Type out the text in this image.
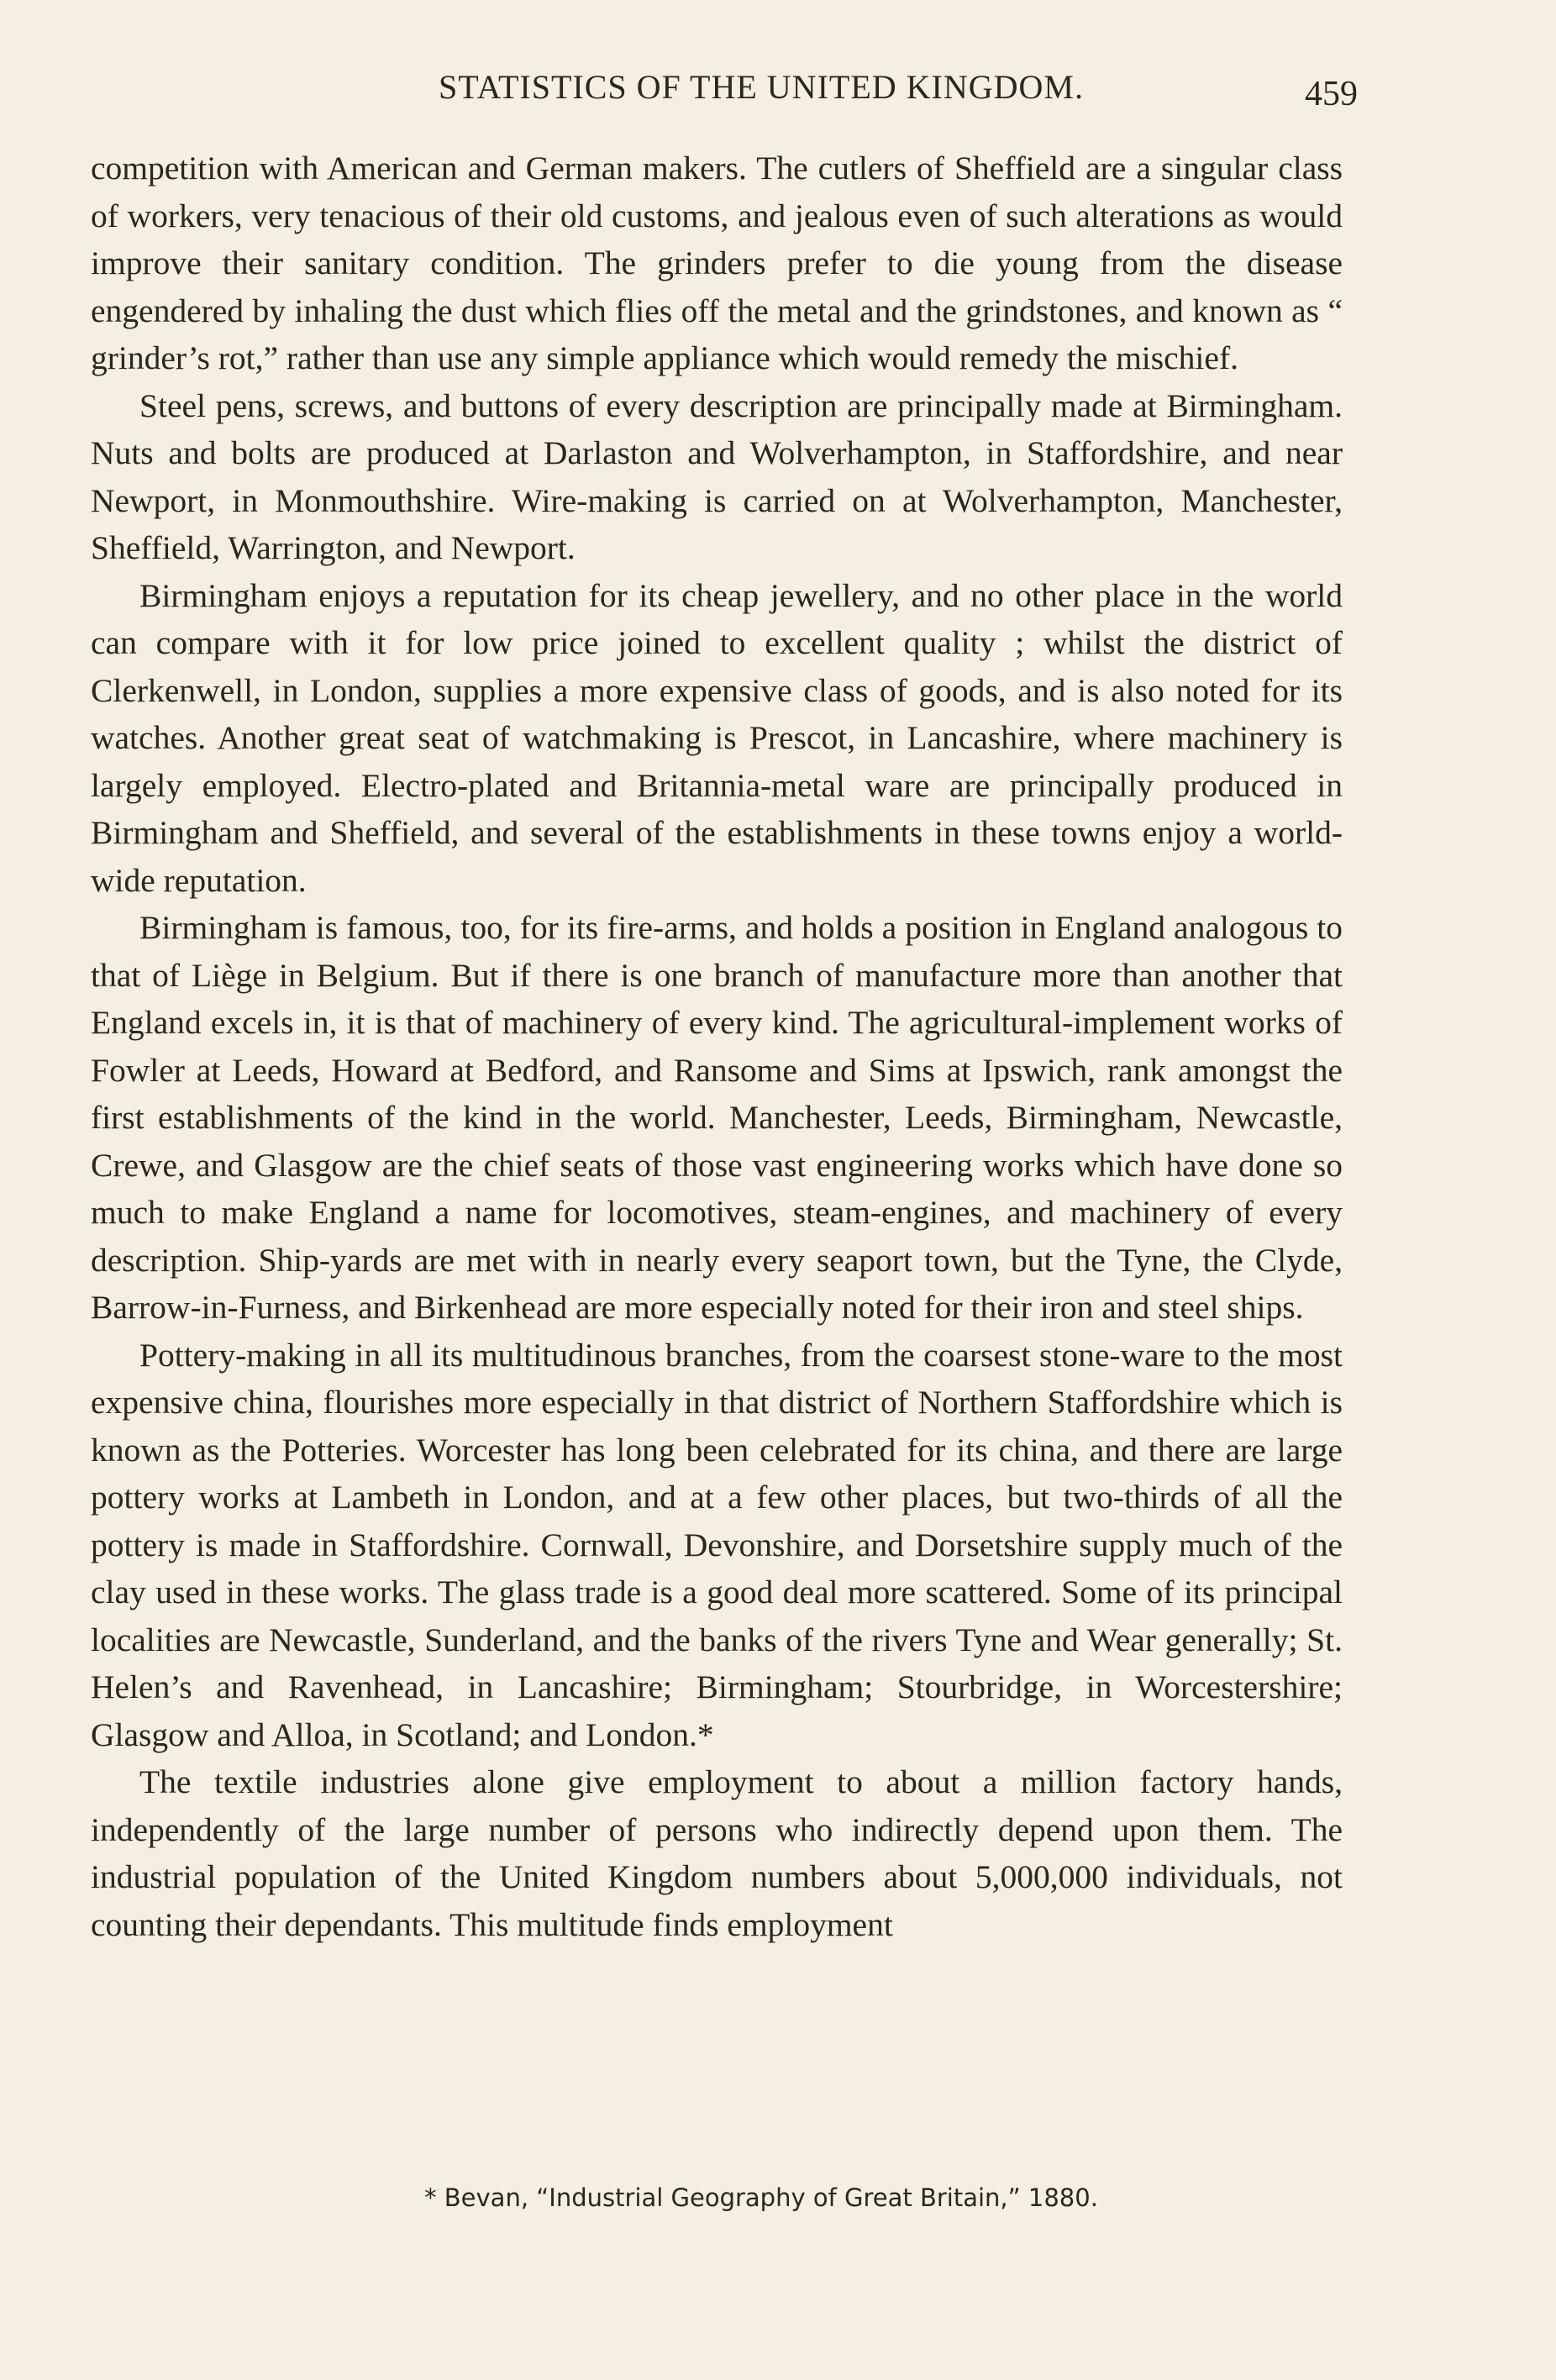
STATISTICS OF THE UNITED KINGDOM.	459

competition with American and German makers. The cutlers of Sheffield are a singular class of workers, very tenacious of their old customs, and jealous even of such alterations as would improve their sanitary condition. The grinders prefer to die young from the disease engendered by inhaling the dust which flies off the metal and the grindstones, and known as “ grinder’s rot,” rather than use any simple appliance which would remedy the mischief.

Steel pens, screws, and buttons of every description are principally made at Birmingham. Nuts and bolts are produced at Darlaston and Wolverhampton, in Staffordshire, and near Newport, in Monmouthshire. Wire-making is carried on at Wolverhampton, Manchester, Sheffield, Warrington, and Newport.

Birmingham enjoys a reputation for its cheap jewellery, and no other place in the world can compare with it for low price joined to excellent quality ; whilst the district of Clerkenwell, in London, supplies a more expensive class of goods, and is also noted for its watches. Another great seat of watchmaking is Prescot, in Lancashire, where machinery is largely employed. Electro-plated and Britannia-metal ware are principally produced in Birmingham and Sheffield, and several of the establishments in these towns enjoy a world-wide reputation.

Birmingham is famous, too, for its fire-arms, and holds a position in England analogous to that of Liège in Belgium. But if there is one branch of manufacture more than another that England excels in, it is that of machinery of every kind. The agricultural-implement works of Fowler at Leeds, Howard at Bedford, and Ransome and Sims at Ipswich, rank amongst the first establishments of the kind in the world. Manchester, Leeds, Birmingham, Newcastle, Crewe, and Glasgow are the chief seats of those vast engineering works which have done so much to make England a name for locomotives, steam-engines, and machinery of every description. Ship-yards are met with in nearly every seaport town, but the Tyne, the Clyde, Barrow-in-Furness, and Birkenhead are more especially noted for their iron and steel ships.

Pottery-making in all its multitudinous branches, from the coarsest stone-ware to the most expensive china, flourishes more especially in that district of Northern Staffordshire which is known as the Potteries. Worcester has long been celebrated for its china, and there are large pottery works at Lambeth in London, and at a few other places, but two-thirds of all the pottery is made in Staffordshire. Cornwall, Devonshire, and Dorsetshire supply much of the clay used in these works. The glass trade is a good deal more scattered. Some of its principal localities are Newcastle, Sunderland, and the banks of the rivers Tyne and Wear generally; St. Helen’s and Ravenhead, in Lancashire; Birmingham; Stourbridge, in Worcestershire; Glasgow and Alloa, in Scotland; and London.*

The textile industries alone give employment to about a million factory hands, independently of the large number of persons who indirectly depend upon them. The industrial population of the United Kingdom numbers about 5,000,000 individuals, not counting their dependants. This multitude finds employment

* Bevan, “Industrial Geography of Great Britain,” 1880.
